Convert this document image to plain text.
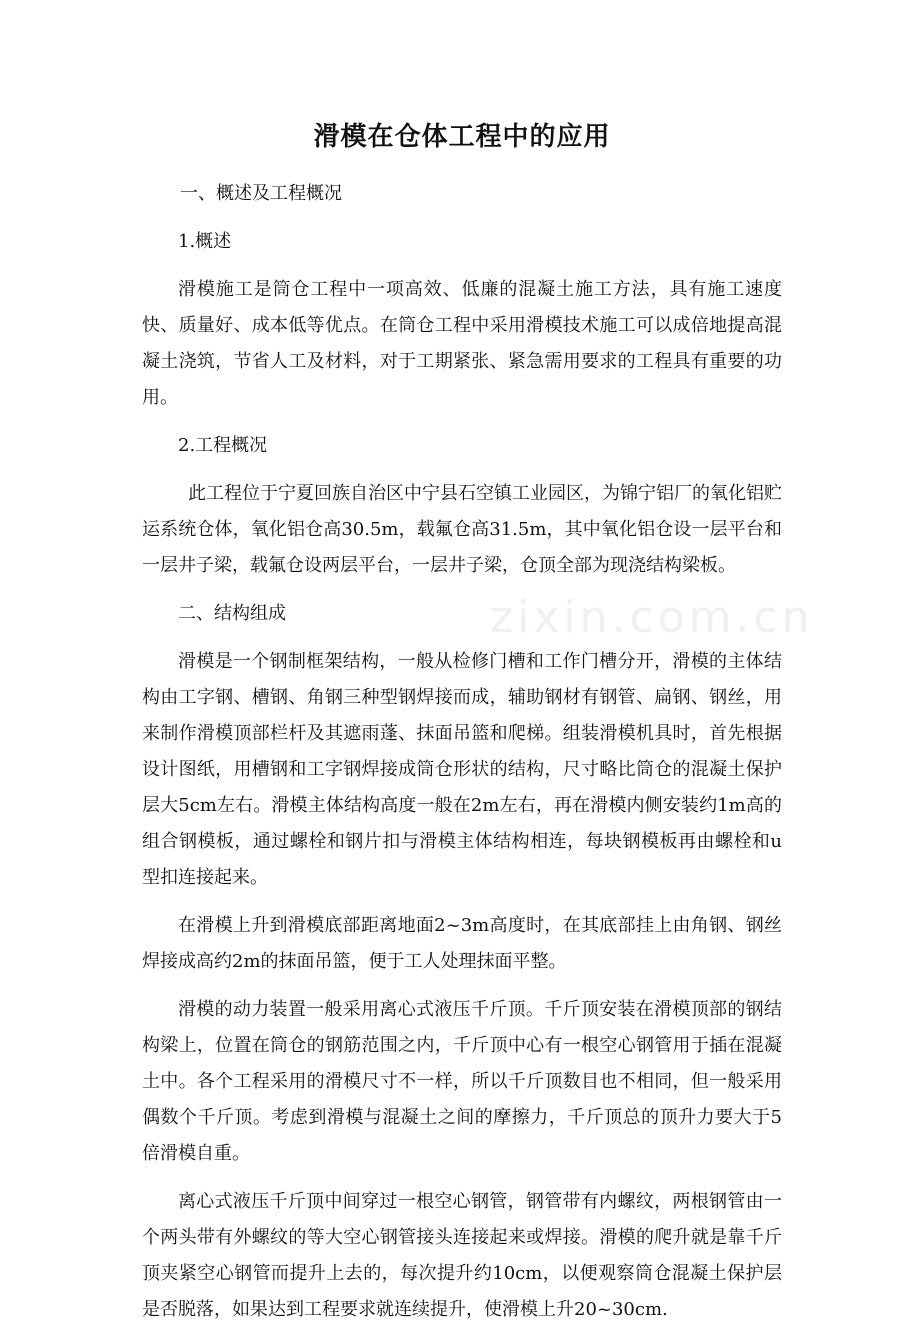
zixin.com.cn
滑模在仓体工程中的应用

一、概述及工程概况

1.概述

滑模施工是筒仓工程中一项高效、低廉的混凝土施工方法，具有施工速度快、质量好、成本低等优点。在筒仓工程中采用滑模技术施工可以成倍地提高混凝土浇筑，节省人工及材料，对于工期紧张、紧急需用要求的工程具有重要的功用。

2.工程概况

此工程位于宁夏回族自治区中宁县石空镇工业园区，为锦宁铝厂的氧化铝贮运系统仓体，氧化铝仓高30.5m，载氟仓高31.5m，其中氧化铝仓设一层平台和一层井子梁，载氟仓设两层平台，一层井子梁，仓顶全部为现浇结构梁板。

二、结构组成

滑模是一个钢制框架结构，一般从检修门槽和工作门槽分开，滑模的主体结构由工字钢、槽钢、角钢三种型钢焊接而成，辅助钢材有钢管、扁钢、钢丝，用来制作滑模顶部栏杆及其遮雨蓬、抹面吊篮和爬梯。组装滑模机具时，首先根据设计图纸，用槽钢和工字钢焊接成筒仓形状的结构，尺寸略比筒仓的混凝土保护层大5cm左右。滑模主体结构高度一般在2m左右，再在滑模内侧安装约1m高的组合钢模板，通过螺栓和钢片扣与滑模主体结构相连，每块钢模板再由螺栓和u型扣连接起来。

在滑模上升到滑模底部距离地面2~3m高度时，在其底部挂上由角钢、钢丝焊接成高约2m的抹面吊篮，便于工人处理抹面平整。

滑模的动力装置一般采用离心式液压千斤顶。千斤顶安装在滑模顶部的钢结构梁上，位置在筒仓的钢筋范围之内，千斤顶中心有一根空心钢管用于插在混凝土中。各个工程采用的滑模尺寸不一样，所以千斤顶数目也不相同，但一般采用偶数个千斤顶。考虑到滑模与混凝土之间的摩擦力，千斤顶总的顶升力要大于5倍滑模自重。

离心式液压千斤顶中间穿过一根空心钢管，钢管带有内螺纹，两根钢管由一个两头带有外螺纹的等大空心钢管接头连接起来或焊接。滑模的爬升就是靠千斤顶夹紧空心钢管而提升上去的，每次提升约10cm，以便观察筒仓混凝土保护层是否脱落，如果达到工程要求就连续提升，使滑模上升20~30cm.
